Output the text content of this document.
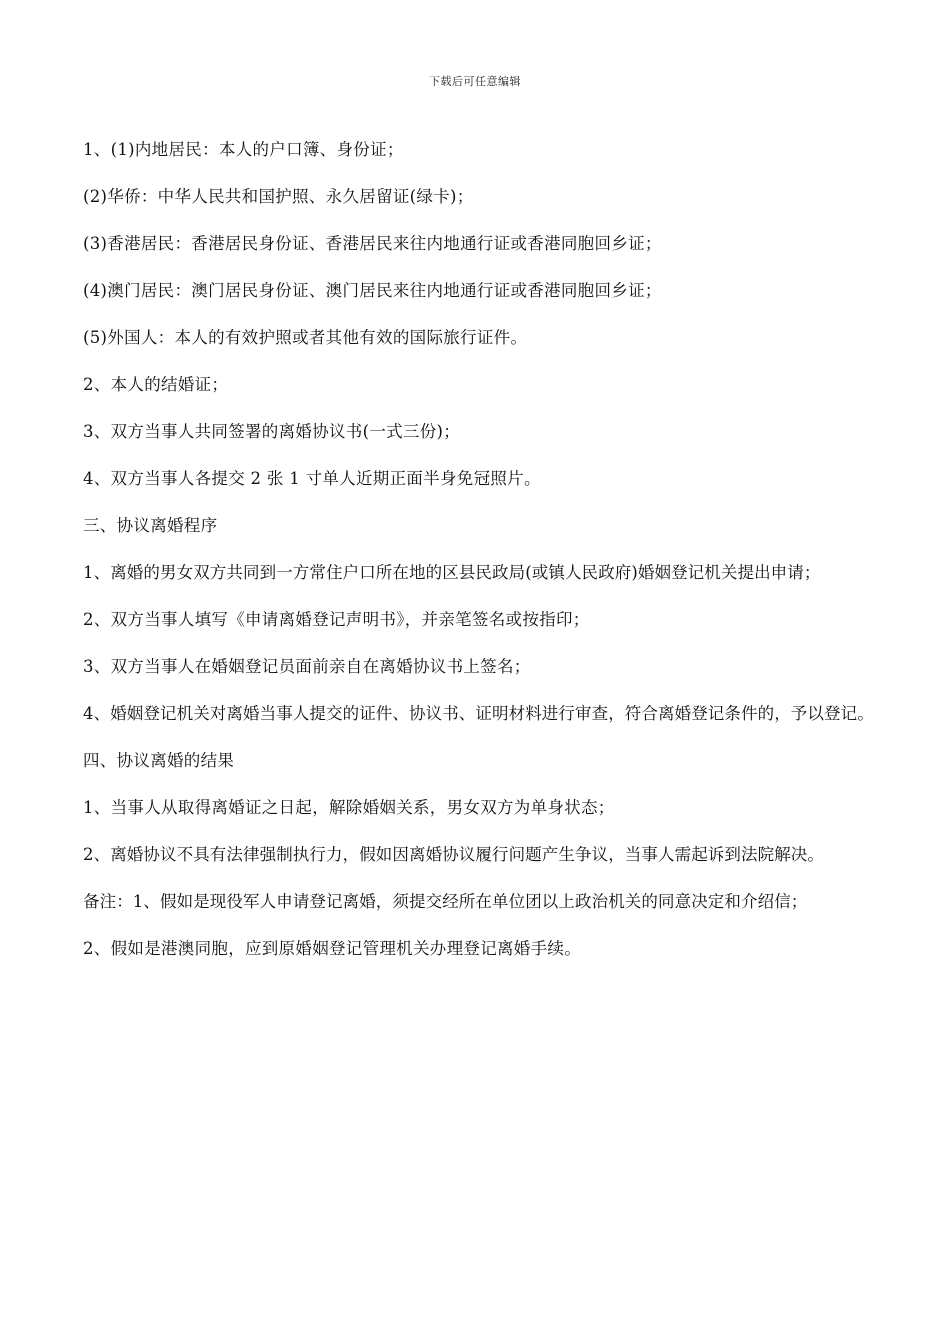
下载后可任意编辑

1、(1)内地居民：本人的户口簿、身份证；

(2)华侨：中华人民共和国护照、永久居留证(绿卡)；

(3)香港居民：香港居民身份证、香港居民来往内地通行证或香港同胞回乡证；

(4)澳门居民：澳门居民身份证、澳门居民来往内地通行证或香港同胞回乡证；

(5)外国人：本人的有效护照或者其他有效的国际旅行证件。

2、本人的结婚证；

3、双方当事人共同签署的离婚协议书(一式三份)；

4、双方当事人各提交 2 张 1 寸单人近期正面半身免冠照片。

三、协议离婚程序

1、离婚的男女双方共同到一方常住户口所在地的区县民政局(或镇人民政府)婚姻登记机关提出申请；

2、双方当事人填写《申请离婚登记声明书》，并亲笔签名或按指印；

3、双方当事人在婚姻登记员面前亲自在离婚协议书上签名；

4、婚姻登记机关对离婚当事人提交的证件、协议书、证明材料进行审查，符合离婚登记条件的，予以登记。

四、协议离婚的结果

1、当事人从取得离婚证之日起，解除婚姻关系，男女双方为单身状态；

2、离婚协议不具有法律强制执行力，假如因离婚协议履行问题产生争议，当事人需起诉到法院解决。

备注：1、假如是现役军人申请登记离婚，须提交经所在单位团以上政治机关的同意决定和介绍信；

2、假如是港澳同胞，应到原婚姻登记管理机关办理登记离婚手续。
